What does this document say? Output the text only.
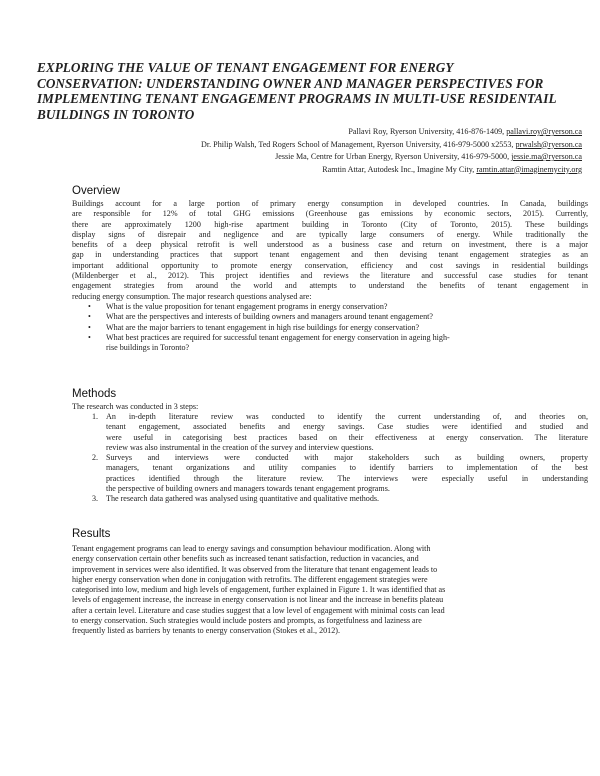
EXPLORING THE VALUE OF TENANT ENGAGEMENT FOR ENERGY
CONSERVATION: UNDERSTANDING OWNER AND MANAGER PERSPECTIVES FOR
IMPLEMENTING TENANT ENGAGEMENT PROGRAMS IN MULTI-USE RESIDENTAIL
BUILDINGS IN TORONTO
Pallavi Roy, Ryerson University, 416-876-1409, pallavi.roy@ryerson.ca
Dr. Philip Walsh, Ted Rogers School of Management, Ryerson University, 416-979-5000 x2553, prwalsh@ryerson.ca
Jessie Ma, Centre for Urban Energy, Ryerson University, 416-979-5000, jessie.ma@ryerson.ca
Ramtin Attar, Autodesk Inc., Imagine My City, ramtin.attar@imaginemycity.org
Overview
Buildings account for a large portion of primary energy consumption in developed countries. In Canada, buildings
are responsible for 12% of total GHG emissions (Greenhouse gas emissions by economic sectors, 2015). Currently,
there are approximately 1200 high-rise apartment building in Toronto (City of Toronto, 2015). These buildings
display signs of disrepair and negligence and are typically large consumers of energy. While traditionally the
benefits of a deep physical retrofit is well understood as a business case and return on investment, there is a major
gap in understanding practices that support tenant engagement and then devising tenant engagement strategies as an
important additional opportunity to promote energy conservation, efficiency and cost savings in residential buildings
(Mildenberger et al., 2012). This project identifies and reviews the literature and successful case studies for tenant
engagement strategies from around the world and attempts to understand the benefits of tenant engagement in
reducing energy consumption. The major research questions analysed are:
• What is the value proposition for tenant engagement programs in energy conservation?
• What are the perspectives and interests of building owners and managers around tenant engagement?
• What are the major barriers to tenant engagement in high rise buildings for energy conservation?
• What best practices are required for successful tenant engagement for energy conservation in ageing high-
rise buildings in Toronto?
Methods
The research was conducted in 3 steps:
1. An in-depth literature review was conducted to identify the current understanding of, and theories on,
tenant engagement, associated benefits and energy savings. Case studies were identified and studied and
were useful in categorising best practices based on their effectiveness at energy conservation. The literature
review was also instrumental in the creation of the survey and interview questions.
2. Surveys and interviews were conducted with major stakeholders such as building owners, property
managers, tenant organizations and utility companies to identify barriers to implementation of the best
practices identified through the literature review. The interviews were especially useful in understanding
the perspective of building owners and managers towards tenant engagement programs.
3. The research data gathered was analysed using quantitative and qualitative methods.
Results
Tenant engagement programs can lead to energy savings and consumption behaviour modification. Along with
energy conservation certain other benefits such as increased tenant satisfaction, reduction in vacancies, and
improvement in services were also identified. It was observed from the literature that tenant engagement leads to
higher energy conservation when done in conjugation with retrofits. The different engagement strategies were
categorised into low, medium and high levels of engagement, further explained in Figure 1. It was identified that as
levels of engagement increase, the increase in energy conservation is not linear and the increase in benefits plateau
after a certain level. Literature and case studies suggest that a low level of engagement with minimal costs can lead
to energy conservation. Such strategies would include posters and prompts, as forgetfulness and laziness are
frequently listed as barriers by tenants to energy conservation (Stokes et al., 2012).
